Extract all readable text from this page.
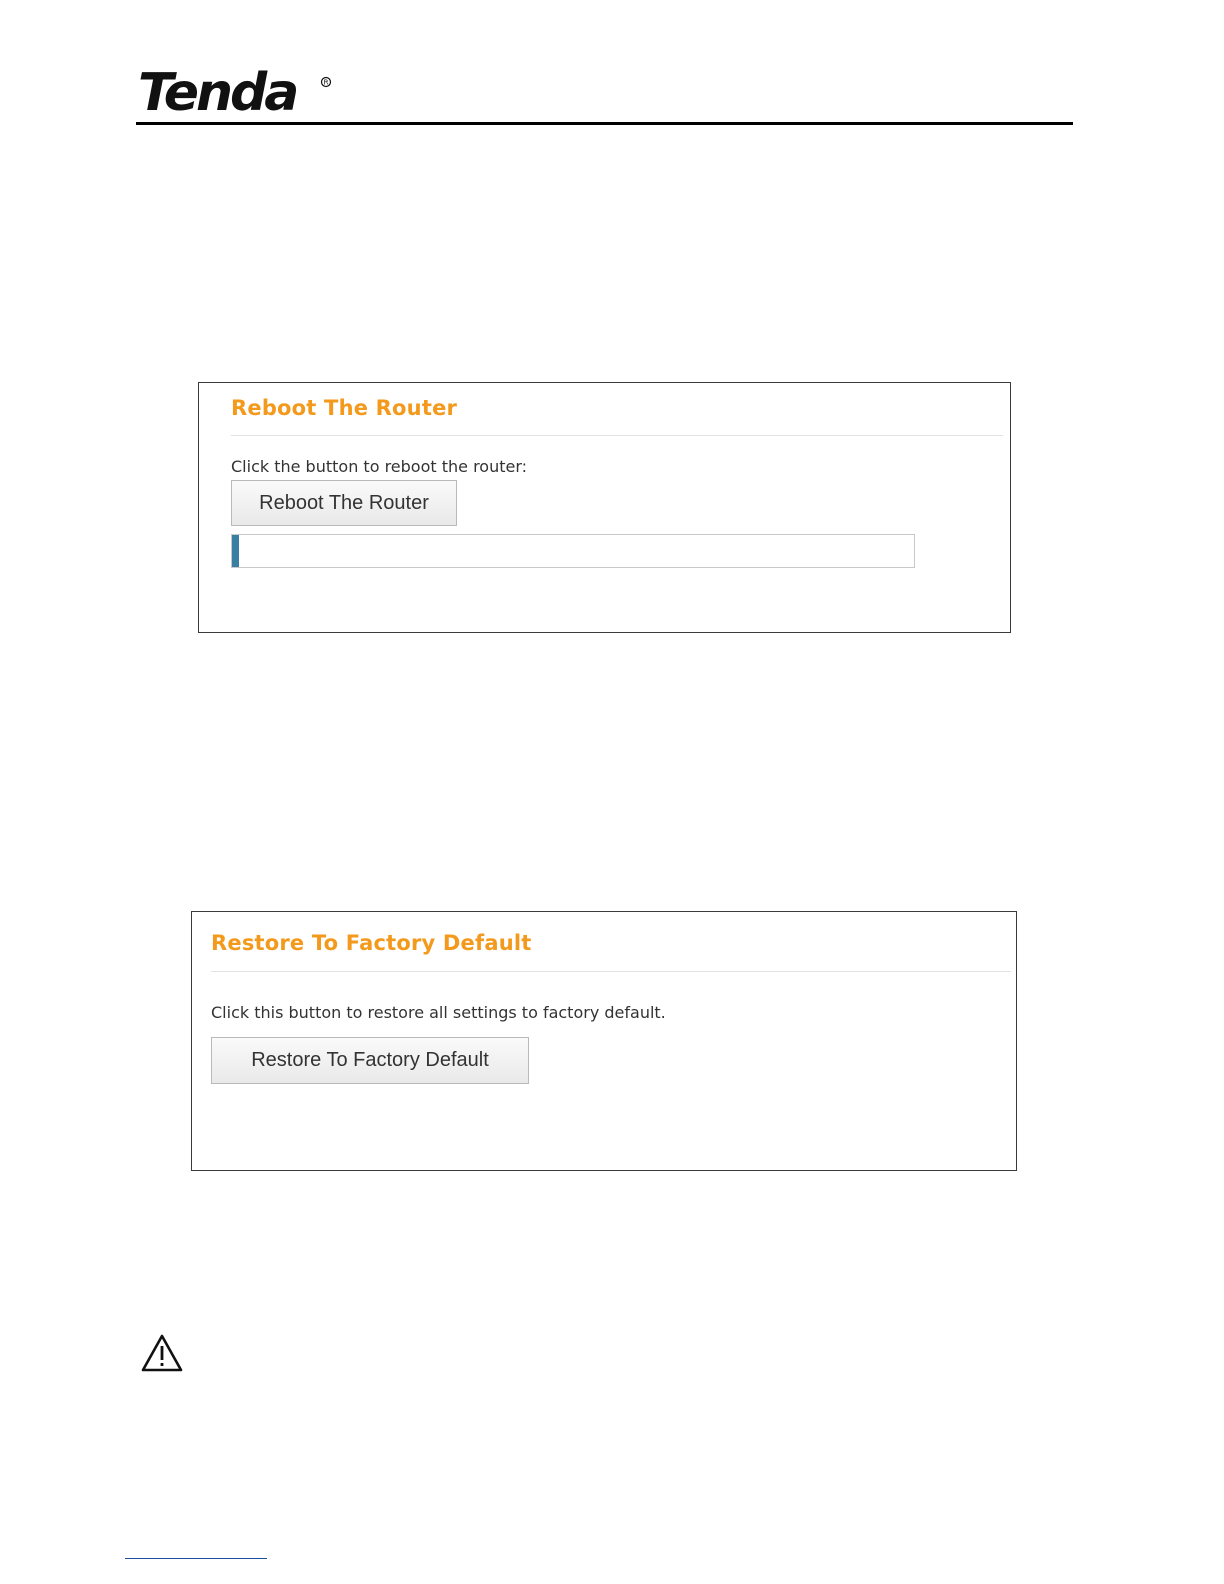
Tenda	R
Reboot The Router
Click the button to reboot the router:
Reboot The Router
Restore To Factory Default
Click this button to restore all settings to factory default.
Restore To Factory Default
